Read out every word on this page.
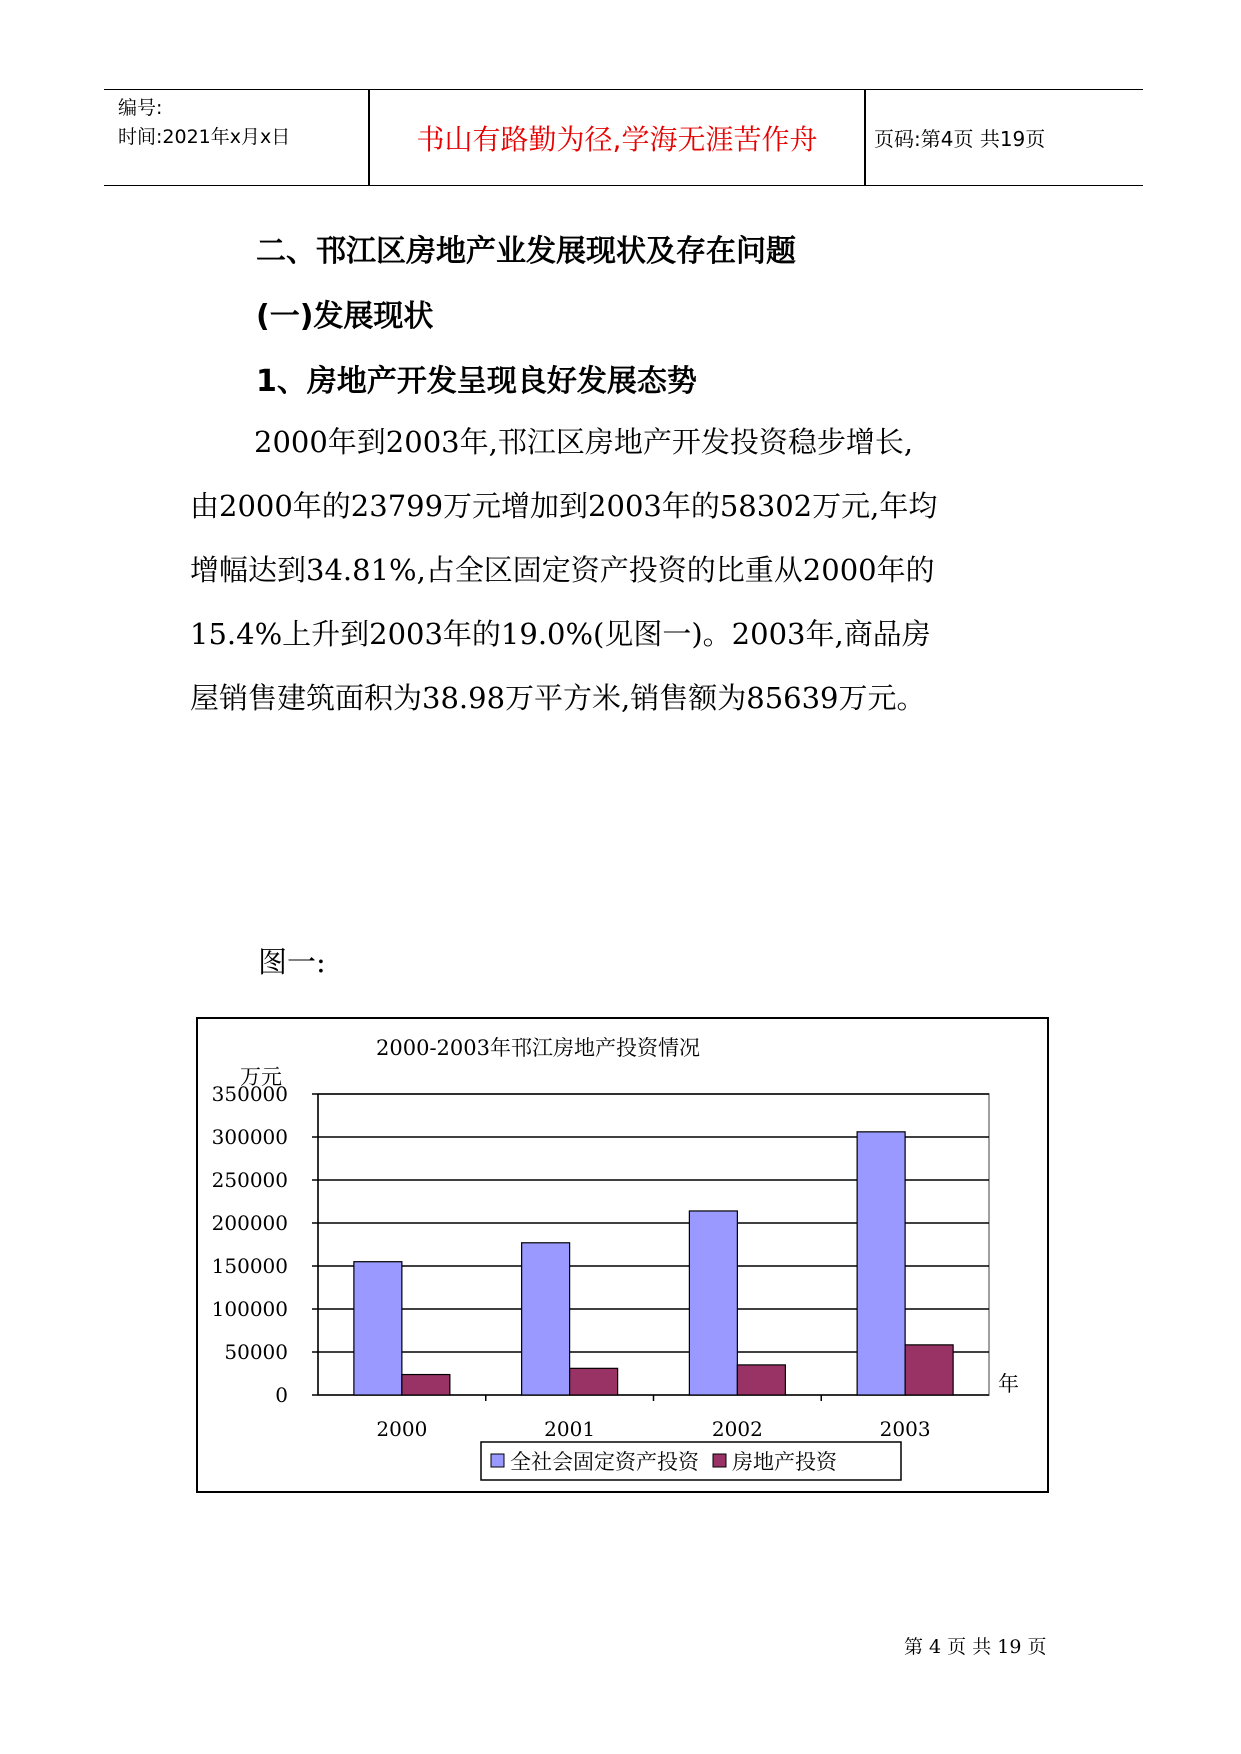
编号:
时间:2021年x月x日	书山有路勤为径,学海无涯苦作舟	页码:第4页 共19页
二、邗江区房地产业发展现状及存在问题
(一)发展现状
1、房地产开发呈现良好发展态势

2000年到2003年,邗江区房地产开发投资稳步增长,

由2000年的23799万元增加到2003年的58302万元,年均

增幅达到34.81%,占全区固定资产投资的比重从2000年的

15.4%上升到2003年的19.0%(见图一)。2003年,商品房

屋销售建筑面积为38.98万平方米,销售额为85639万元。

图一:
2000-2003年邗江房地产投资情况
万元
0
50000
100000
150000
200000
250000
300000
350000
2000	2001	2002	2003
年
全社会固定资产投资 房地产投资
第 4 页 共 19 页
